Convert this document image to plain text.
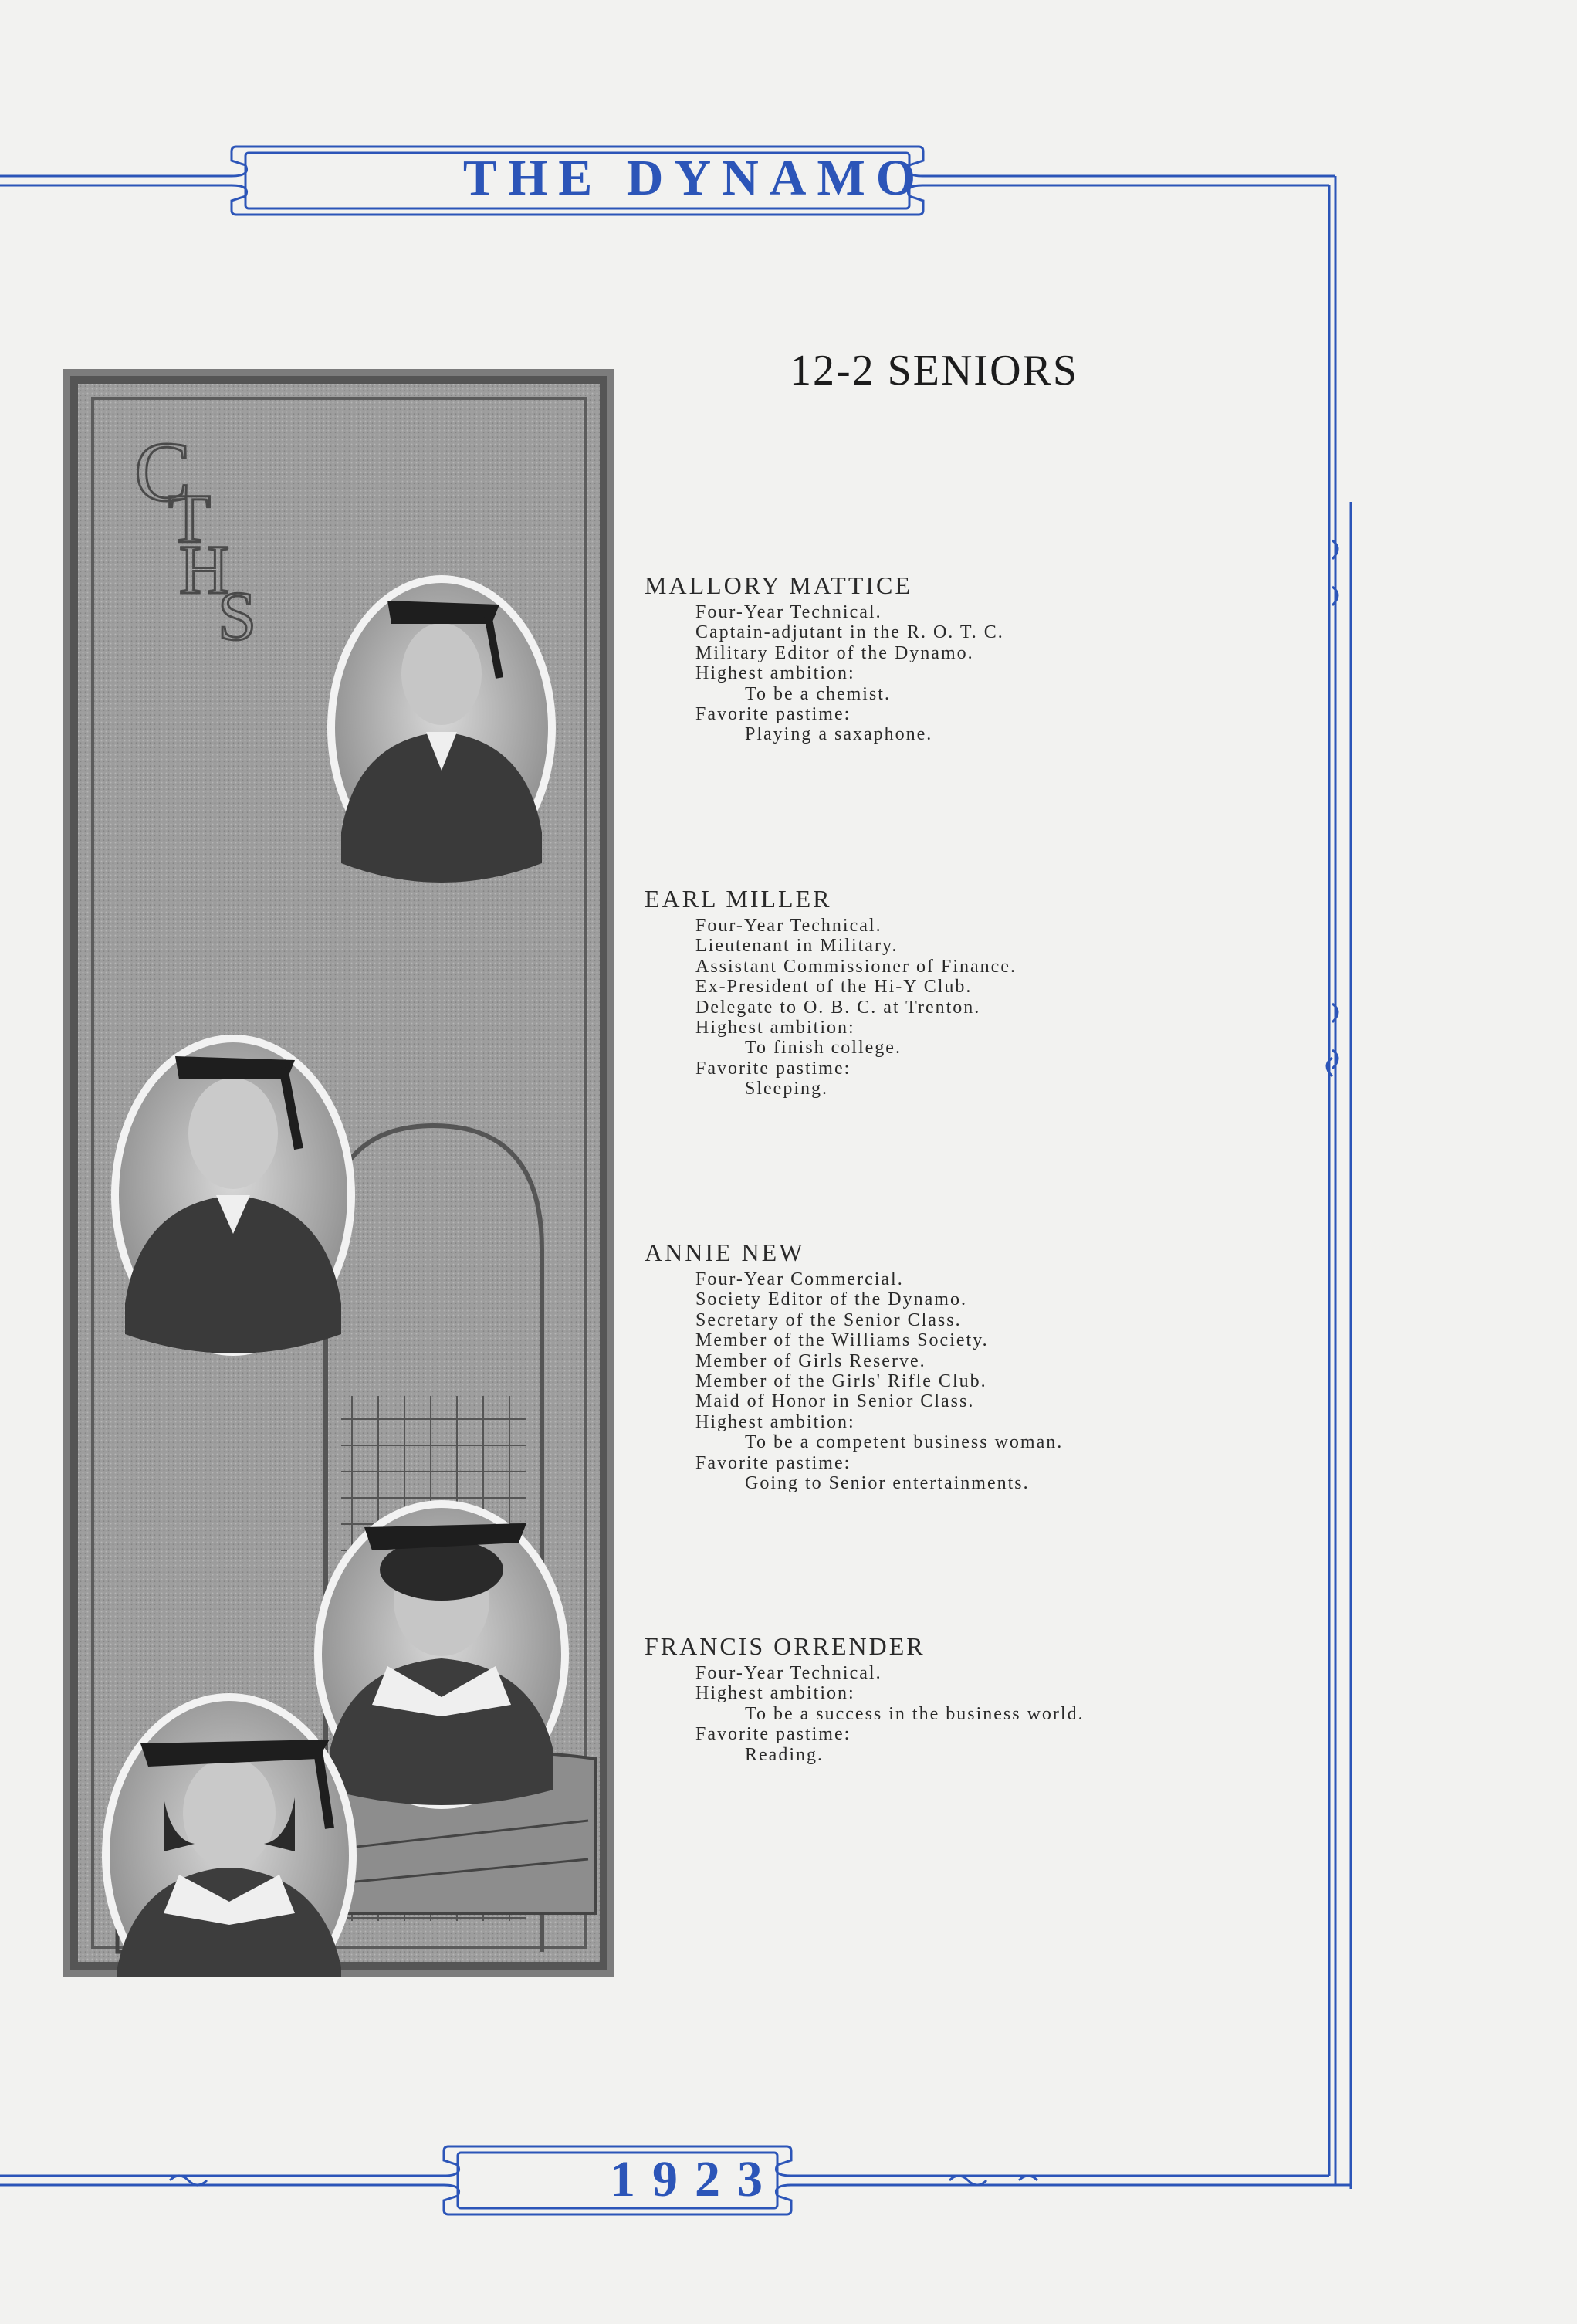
THE DYNAMO
1923
12-2 SENIORS
C
T
H
S	MALLORY MATTICE
Four-Year Technical.
Captain-adjutant in the R. O. T. C.
Military Editor of the Dynamo.
Highest ambition:
To be a chemist.
Favorite pastime:
Playing a saxaphone.
EARL MILLER
Four-Year Technical.
Lieutenant in Military.
Assistant Commissioner of Finance.
Ex-President of the Hi-Y Club.
Delegate to O. B. C. at Trenton.
Highest ambition:
To finish college.
Favorite pastime:
Sleeping.
ANNIE NEW
Four-Year Commercial.
Society Editor of the Dynamo.
Secretary of the Senior Class.
Member of the Williams Society.
Member of Girls Reserve.
Member of the Girls' Rifle Club.
Maid of Honor in Senior Class.
Highest ambition:
To be a competent business woman.
Favorite pastime:
Going to Senior entertainments.
FRANCIS ORRENDER
Four-Year Technical.
Highest ambition:
To be a success in the business world.
Favorite pastime:
Reading.
